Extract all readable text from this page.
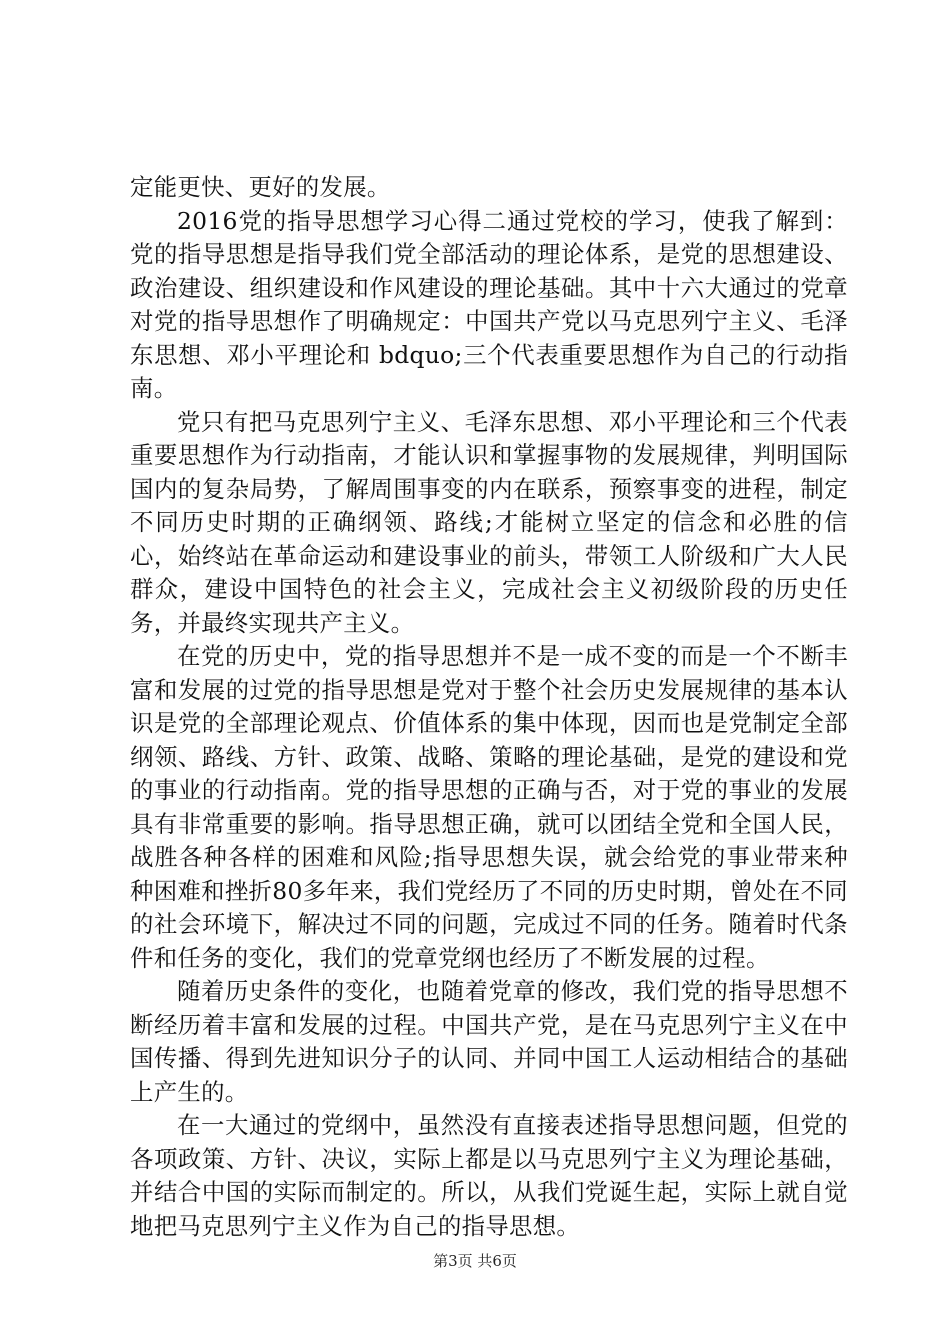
定能更快、更好的发展。

2016党的指导思想学习心得二通过党校的学习，使我了解到：党的指导思想是指导我们党全部活动的理论体系，是党的思想建设、政治建设、组织建设和作风建设的理论基础。其中十六大通过的党章对党的指导思想作了明确规定：中国共产党以马克思列宁主义、毛泽东思想、邓小平理论和 bdquo;三个代表重要思想作为自己的行动指南。

党只有把马克思列宁主义、毛泽东思想、邓小平理论和三个代表重要思想作为行动指南，才能认识和掌握事物的发展规律，判明国际国内的复杂局势，了解周围事变的内在联系，预察事变的进程，制定不同历史时期的正确纲领、路线;才能树立坚定的信念和必胜的信心，始终站在革命运动和建设事业的前头，带领工人阶级和广大人民群众，建设中国特色的社会主义，完成社会主义初级阶段的历史任务，并最终实现共产主义。

在党的历史中，党的指导思想并不是一成不变的而是一个不断丰富和发展的过党的指导思想是党对于整个社会历史发展规律的基本认识是党的全部理论观点、价值体系的集中体现，因而也是党制定全部纲领、路线、方针、政策、战略、策略的理论基础，是党的建设和党的事业的行动指南。党的指导思想的正确与否，对于党的事业的发展具有非常重要的影响。指导思想正确，就可以团结全党和全国人民，战胜各种各样的困难和风险;指导思想失误，就会给党的事业带来种种困难和挫折80多年来，我们党经历了不同的历史时期，曾处在不同的社会环境下，解决过不同的问题，完成过不同的任务。随着时代条件和任务的变化，我们的党章党纲也经历了不断发展的过程。

随着历史条件的变化，也随着党章的修改，我们党的指导思想不断经历着丰富和发展的过程。中国共产党，是在马克思列宁主义在中国传播、得到先进知识分子的认同、并同中国工人运动相结合的基础上产生的。

在一大通过的党纲中，虽然没有直接表述指导思想问题，但党的各项政策、方针、决议，实际上都是以马克思列宁主义为理论基础，并结合中国的实际而制定的。所以，从我们党诞生起，实际上就自觉地把马克思列宁主义作为自己的指导思想。

第3页 共6页
